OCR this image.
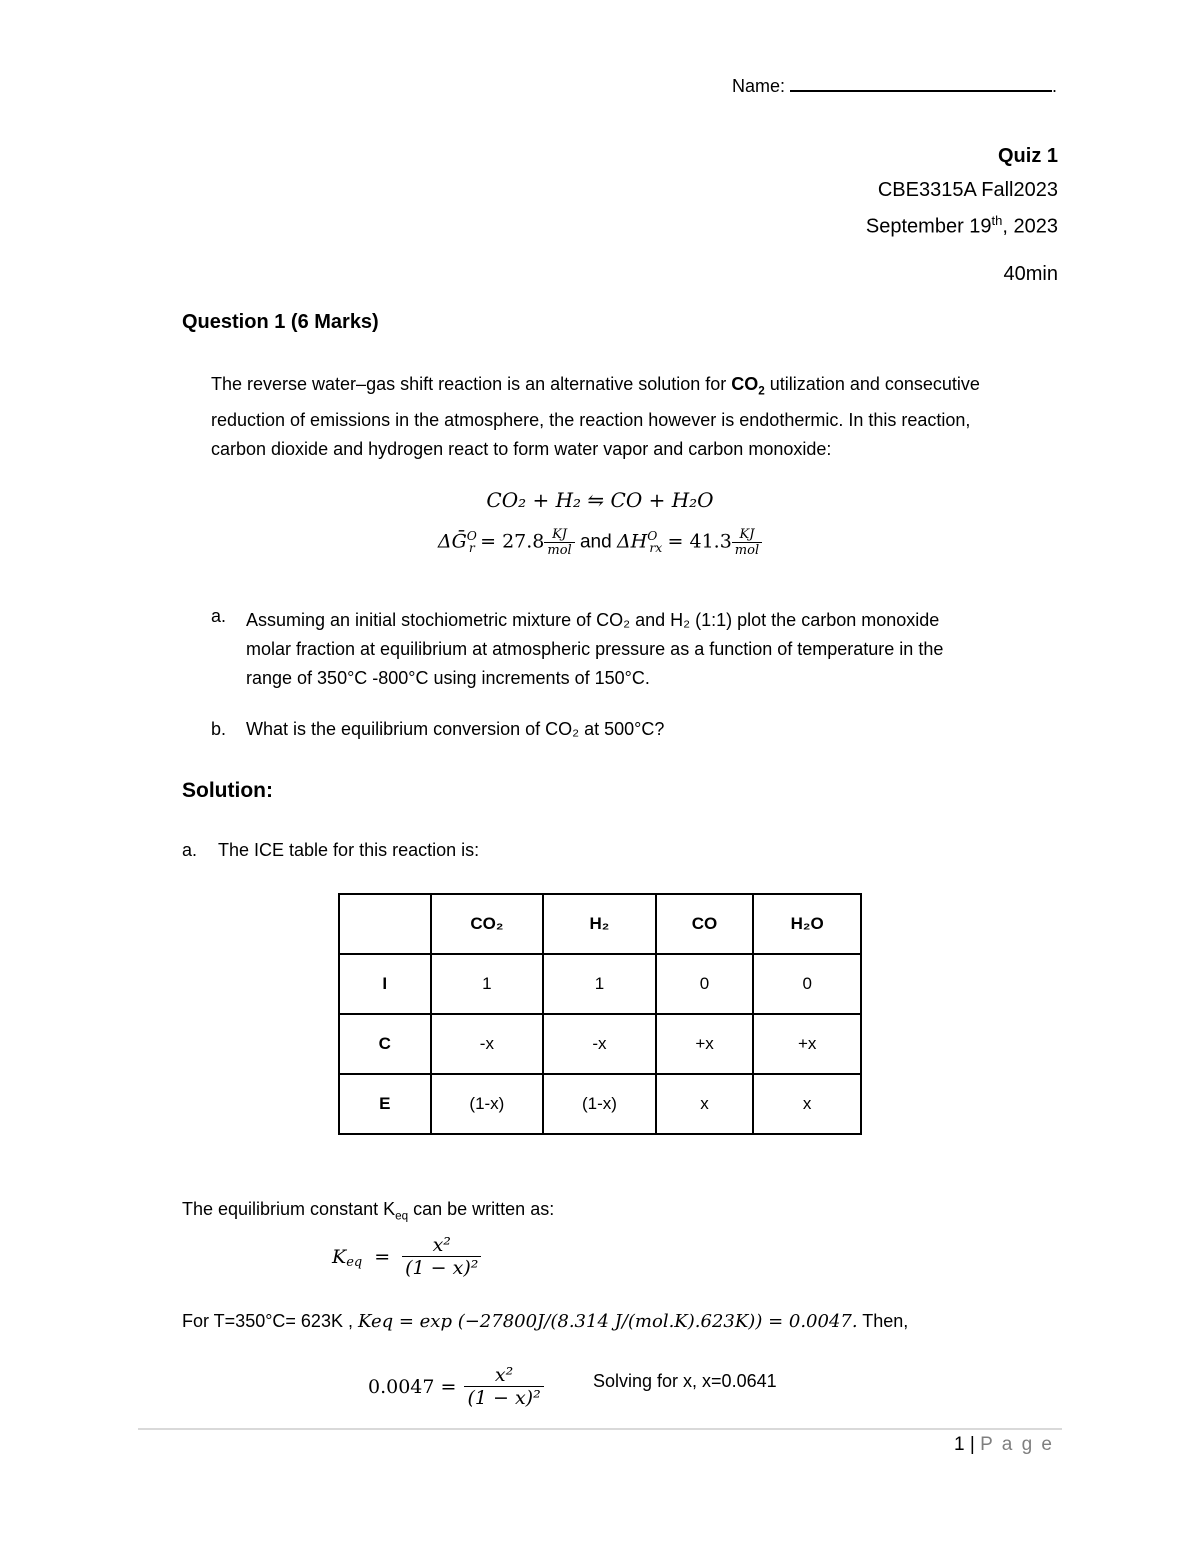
Name:	.
Quiz 1
CBE3315A Fall2023
September 19th, 2023
40min
Question 1 (6 Marks)
The reverse water–gas shift reaction is an alternative solution for $CO_2$ utilization and consecutive
reduction of emissions in the atmosphere, the reaction however is endothermic. In this reaction,
carbon dioxide and hydrogen react to form water vapor and carbon monoxide:
CO₂ + H₂ ⇋ CO + H₂O
ΔḠ$^O_r$ = $27.8 \frac{KJ}{\text{mol}}$ and $\Delta H^O_{rx} = 41.3 \frac{KJ}{\text{mol}}$
a. Assuming an initial stochiometric mixture of CO₂ and H₂ (1:1) plot the carbon monoxide
molar fraction at equilibrium at atmospheric pressure as a function of temperature in the
range of 350°C -800°C using increments of 150°C.
b. What is the equilibrium conversion of CO₂ at 500°C?
Solution:
a. The ICE table for this reaction is:
	CO₂	H₂	CO	H₂O
I	1	1	0	0
C	-x	-x	+x	+x
E	(1-x)	(1-x)	x	x
The equilibrium constant $K_{eq}$ can be written as:
$K_{eq} = \frac{\text{x²}}{\text{(1 − x)²}}$
For T=350°C= 623K , Keq = exp (−27800J/(8.314 J/(mol.K).623K)) = 0.0047. Then,
$0.0047 = \frac{\text{x²}}{\text{(1 − x)²}}$	Solving for x, x=0.0641
1 | P a g e
